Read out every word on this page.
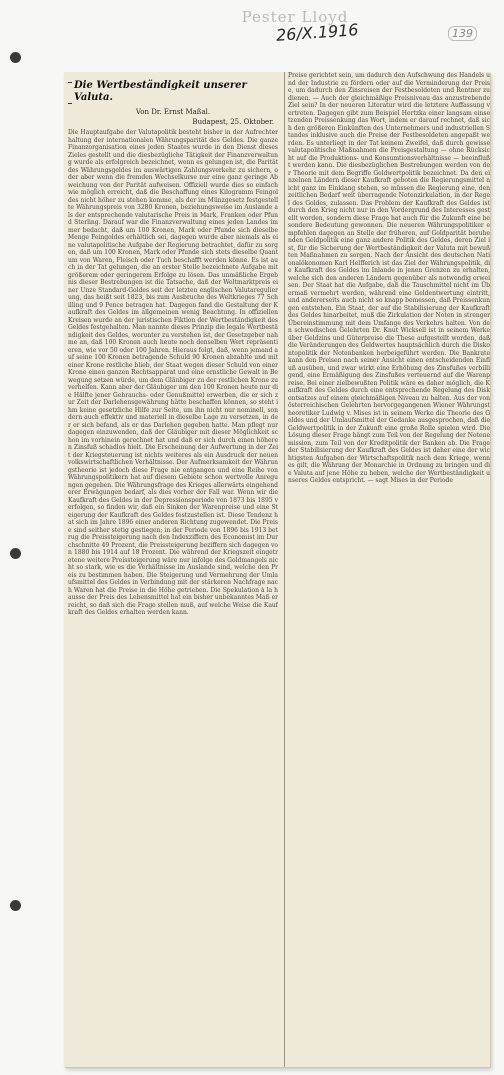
Pester Lloyd
26/X.1916	139
Die Wertbeständigkeit unserer Valuta.
Von Dr. Ernst Maßal.
Budapest, 25. Oktober.
Die Hauptaufgabe der Valutapolitik besteht bisher in der Aufrechterhaltung der internationalen Währungsparität des Geldes. Die ganze Finanzorganisation eines jeden Staates wurde in den Dienst dieses Zieles gestellt und die diesbezügliche Tätigkeit der Finanzverwaltung wurde als erfolgreich bezeichnet, wenn es gelungen ist, die Parität des Währungsgeldes im auswärtigen Zahlungsverkehr zu sichern, oder aber wenn die fremden Wechselkurse nur eine ganz geringe Abweichung von der Parität aufweisen. Offiziell wurde dies so einfach wie möglich erreicht, daß die Beschaffung eines Kilogramm Feingoldes nicht höher zu stehen komme, als der im Münzgesetz festgestellte Währungspreis von 3280 Kronen, beziehungsweise im Auslande als der entsprechende valutarische Preis in Mark, Franken oder Pfund Sterling. Darauf war die Finanzverwaltung eines jeden Landes immer bedacht, daß um 100 Kronen, Mark oder Pfunde sich dieselbe Menge Feingoldes erhältlich sei, dagegen wurde aber niemals als eine valutapolitische Aufgabe der Regierung betrachtet, dafür zu sorgen, daß um 100 Kronen, Mark oder Pfunde sich stets dieselbe Quantum von Waren, Fleisch oder Tuch beschafft werden könne. Es ist auch in der Tat gelungen, die an erster Stelle bezeichnete Aufgabe mit größerem oder geringerem Erfolge zu lösen. Das unmäßliche Ergebnis dieser Bestrebungen ist die Tatsache, daß der Weltmarktpreis einer Unze Standard-Goldes seit der letzten englischen Valutaregulierung, das heißt seit 1823, bis zum Ausbruche des Weltkrieges 77 Schilling und 9 Pence betragen hat. Dagegen fand die Gestaltung der Kaufkraft des Geldes im allgemeinen wenig Beachtung. In offiziellen Kreisen wurde an der juristischen Fiktion der Wertbeständigkeit des Geldes festgehalten. Man nannte dieses Prinzip die legale Wertbeständigkeit des Geldes, worunter zu verstehen ist, der Gesetzgeber nahme an, daß 100 Kronen auch heute noch denselben Wert repräsentieren, wie vor 50 oder 100 Jahren. Hieraus folgt, daß, wenn jemand auf seine 100 Kronen betragende Schuld 90 Kronen abzahlte und mit einer Krone restliche blieb, der Staat wegen dieser Schuld von einer Krone einen ganzen Rechtsapparat und eine ernstliche Gewalt in Bewegung setzen würde, um dem Gläubiger zu der restlichen Krone zu verhelfen. Kann aber der Gläubiger um den 100 Kronen heute nur die Hälfte jener Gebrauchs- oder Genußmittel erwerben, die er sich zur Zeit der Darlehensgewährung hätte beschaffen können, so steht ihm keine gesetzliche Hilfe zur Seite, um ihn nicht nur nominell, sondern auch effektiv und materiell in dieselbe Lage zu versetzen, in der er sich befand, als er das Darlehen gegeben hatte. Man pflegt nur dagegen einzuwenden, daß der Gläubiger mit dieser Möglichkeit schon im vorhinein gerechnet hat und daß er sich durch einen höheren Zinsfuß schadlos hielt. Die Erscheinung der Aufwertung in der Zeit der Kriegsteuerung ist nichts weiteres als ein Ausdruck der neuen volkswirtschaftlichen Verhältnisse. Der Aufmerksamkeit der Währungstheorie ist jedoch diese Frage nie entgangen und eine Reihe von Währungspolitikern hat auf diesem Gebiete schon wertvolle Anregungen gegeben. Die Währungsfrage des Krieges allerwärts eingehenderer Erwägungen bedarf, als dies vorher der Fall war. Wenn wir die Kaufkraft des Geldes in der Depressionsperiode von 1873 bis 1895 verfolgen, so finden wir, daß ein Sinken der Warenpreise und eine Steigerung der Kaufkraft des Geldes festzustellen ist. Diese Tendenz hat sich im Jahre 1896 einer anderen Richtung zugewendet. Die Preise sind seither stetig gestiegen; in der Periode von 1896 bis 1913 betrug die Preissteigerung nach den Indexziffern des Economist im Durchschnitte 49 Prozent, die Preissteigerung beziffern sich dagegen von 1880 bis 1914 auf 18 Prozent. Die während der Kriegszeit eingetretene weitere Preissteigerung wäre nur infolge des Goldmangels nicht so stark, wie es die Verhältnisse im Auslande sind, welche den Preis zu bestimmen haben. Die Steigerung und Vermehrung der Umlaufsmittel des Geldes in Verbindung mit der stärkeren Nachfrage nach Waren hat die Preise in die Höhe getrieben. Die Spekulation à la hausse der Preis des Lebensmittel hat ein bisher unbekanntes Maß erreicht, so daß sich die Frage stellen muß, auf welche Weise die Kaufkraft des Geldes erhalten werden kann.
Preise gerichtet sein, um dadurch den Aufschwung des Handels und der Industrie zu fördern oder auf die Verminderung der Preise, um dadurch den Zinsreisen der Festbesoldeten und Rentner zu dienen. — Auch der gleichmäßige Preisniveau das anzustrebende Ziel sein? In der neueren Literatur wird die letztere Auffassung vertreten. Dagegen gibt zum Beispiel Hertzka einer langsam einsetzenden Preissenkung das Wort, indem er darauf rechnet, daß sich den größeren Einkünften des Unternehmers und industriellen Standes inklusive auch die Preise der Festbesoldeten angepaßt werden. Es unterliegt in der Tat keinem Zweifel, daß durch gewisse valutapolitische Maßnahmen die Preisgestaltung — ohne Rücksicht auf die Produktions- und Konsumtionsverhältnisse — beeinflußt werden kann. Die diesbezüglichen Bestrebungen werden von der Theorie mit dem Begriffe Geldwertpolitik bezeichnet. Da den einzelnen Ländern dieser Kaufkraft geboten die Regierungsmittel nicht ganz im Einklang stehen, so müssen die Regierung eine, den zeitlichen Bedarf weit überragende Notenzirkulation, in der Regel des Goldes, zulassen. Das Problem der Kaufkraft des Geldes ist durch den Krieg nicht nur in den Vordergrund des Interesses gestellt worden, sondern diese Frage hat auch für die Zukunft eine besondere Bedeutung gewonnen. Die neueren Währungspolitiker empfehlen dagegen an Stelle der früheren, auf Goldparität beruhenden Geldpolitik eine ganz andere Politik des Geldes, deren Ziel ist, für die Sicherung der Wertbeständigkeit der Valuta mit bewußten Maßnahmen zu sorgen. Nach der Ansicht des deutschen Nationalökonomen Karl Helfferich ist das Ziel der Währungspolitik, die Kaufkraft des Geldes im Inlande in jenen Grenzen zu erhalten, welche sich den anderen Ländern gegenüber als notwendig erweisen. Der Staat hat die Aufgabe, daß die Tauschmittel nicht im Übermaß vermehrt werden, während eine Geldentwertung eintritt, und andererseits auch nicht so knapp bemessen, daß Preissenkungen entstehen. Ein Staat, der auf die Stabilisierung der Kaufkraft des Geldes hinarbeitet, muß die Zirkulation der Noten in strenger Übereinstimmung mit dem Umfange des Verkehrs halten. Von den schwedischen Gelehrten Dr. Knut Wicksell ist in seinem Werke über Geldzins und Güterpreise die These aufgestellt worden, daß die Veränderungen des Geldwertes hauptsächlich durch die Diskontopolitik der Notenbanken herbeigeführt werden. Die Bankrate kann den Preisen nach seiner Ansicht einen entscheidenden Einfluß ausüben, und zwar wirkt eine Erhöhung des Zinsfußes verbilligend, eine Ermäßigung des Zinsfußes verteuernd auf die Warenpreise. Bei einer zielbewußten Politik wäre es daher möglich, die Kaufkraft des Geldes durch eine entsprechende Regelung des Diskontsatzes auf einem gleichmäßigen Niveau zu halten. Aus der von österreichischen Gelehrten hervorgegangenen Wiener Währungstheoretiker Ludwig v. Mises ist in seinem Werke die Theorie des Geldes und der Umlaufsmittel der Gedanke ausgesprochen, daß die Geldwertpolitik in der Zukunft eine große Rolle spielen wird. Die Lösung dieser Frage hängt zum Teil von der Regelung der Notenemission, zum Teil von der Kreditpolitik der Banken ab. Die Frage der Stabilisierung der Kaufkraft des Geldes ist daher eine der wichtigsten Aufgaben der Wirtschaftspolitik nach dem Kriege, wenn es gilt, die Währung der Monarchie in Ordnung zu bringen und die Valuta auf jene Höhe zu heben, welche der Wertbeständigkeit unseres Geldes entspricht. — sagt Mises in der Periode
